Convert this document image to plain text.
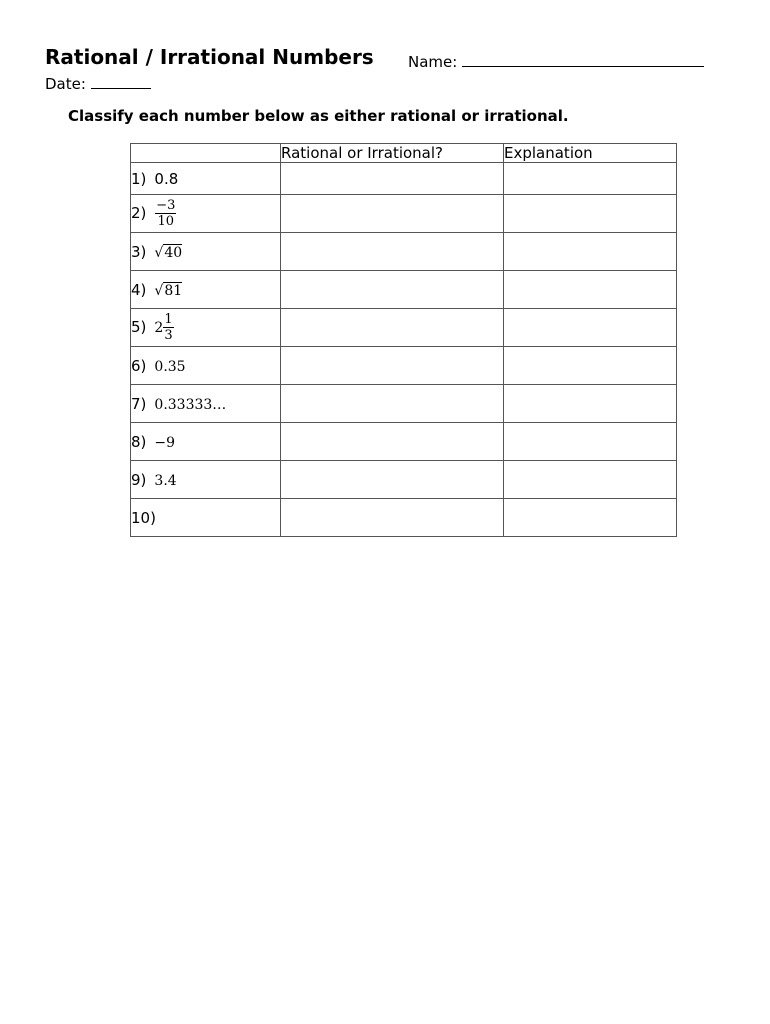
Rational / Irrational Numbers Name:
Date:
Classify each number below as either rational or irrational.
	Rational or Irrational?	Explanation
1) 0.8		
$2) \frac{-3}{10}$

3) √40		
4) √81		
5) $2 \frac{1}{3}$

6) 0.35		
7) 0.33333…		
8) −9		
9) 3.4		
10)		
